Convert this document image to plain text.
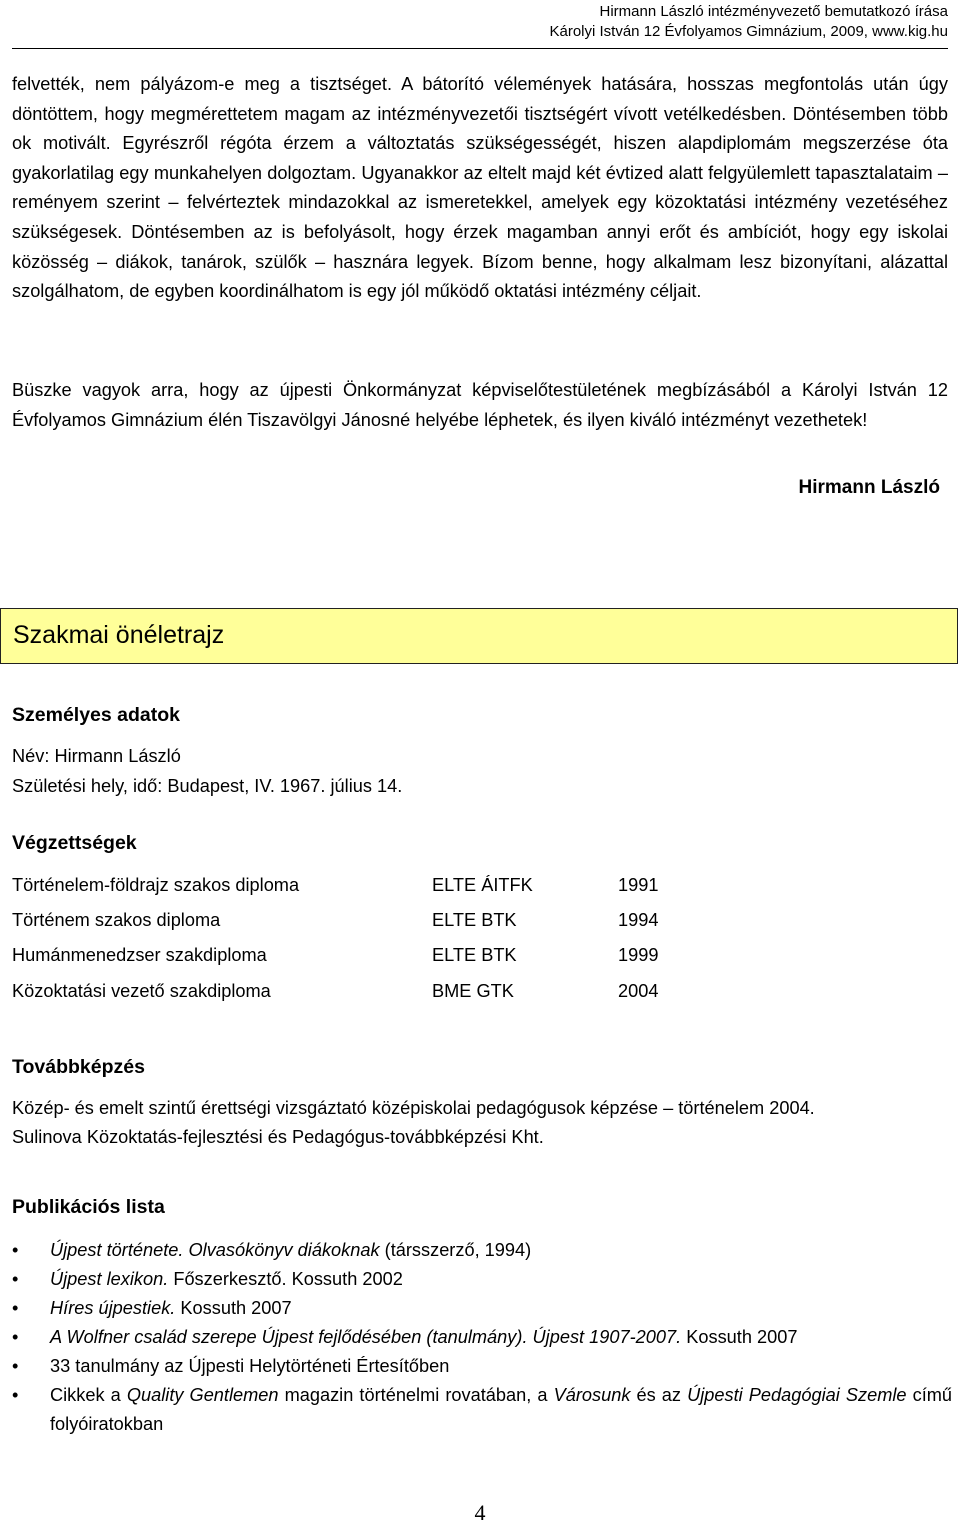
Hirmann László intézményvezető bemutatkozó írása
Károlyi István 12 Évfolyamos Gimnázium, 2009, www.kig.hu

felvették, nem pályázom-e meg a tisztséget. A bátorító vélemények hatására, hosszas megfontolás után úgy döntöttem, hogy megmérettetem magam az intézményvezetői tisztségért vívott vetélkedésben. Döntésemben több ok motivált. Egyrészről régóta érzem a változtatás szükségességét, hiszen alapdiplomám megszerzése óta gyakorlatilag egy munkahelyen dolgoztam. Ugyanakkor az eltelt majd két évtized alatt felgyülemlett tapasztalataim – reményem szerint – felvérteztek mindazokkal az ismeretekkel, amelyek egy közoktatási intézmény vezetéséhez szükségesek. Döntésemben az is befolyásolt, hogy érzek magamban annyi erőt és ambíciót, hogy egy iskolai közösség – diákok, tanárok, szülők – hasznára legyek. Bízom benne, hogy alkalmam lesz bizonyítani, alázattal szolgálhatom, de egyben koordinálhatom is egy jól működő oktatási intézmény céljait.

Büszke vagyok arra, hogy az újpesti Önkormányzat képviselőtestületének megbízásából a Károlyi István 12 Évfolyamos Gimnázium élén Tiszavölgyi Jánosné helyébe léphetek, és ilyen kiváló intézményt vezethetek!

Hirmann László
Szakmai önéletrajz
Személyes adatok
Név: Hirmann László
Születési hely, idő: Budapest, IV. 1967. július 14.
Végzettségek
Történelem-földrajz szakos diploma	ELTE ÁITFK	1991
Történem szakos diploma	ELTE BTK	1994
Humánmenedzser szakdiploma	ELTE BTK	1999
Közoktatási vezető szakdiploma	BME GTK	2004
Továbbképzés
Közép- és emelt szintű érettségi vizsgáztató középiskolai pedagógusok képzése – történelem 2004.
Sulinova Közoktatás-fejlesztési és Pedagógus-továbbképzési Kht.
Publikációs lista
• Újpest története. Olvasókönyv diákoknak (társszerző, 1994)
• Újpest lexikon. Főszerkesztő. Kossuth 2002
• Híres újpestiek. Kossuth 2007
• A Wolfner család szerepe Újpest fejlődésében (tanulmány). Újpest 1907-2007. Kossuth 2007
• 33 tanulmány az Újpesti Helytörténeti Értesítőben
• Cikkek a Quality Gentlemen magazin történelmi rovatában, a Városunk és az Újpesti Pedagógiai Szemle című folyóiratokban
4
